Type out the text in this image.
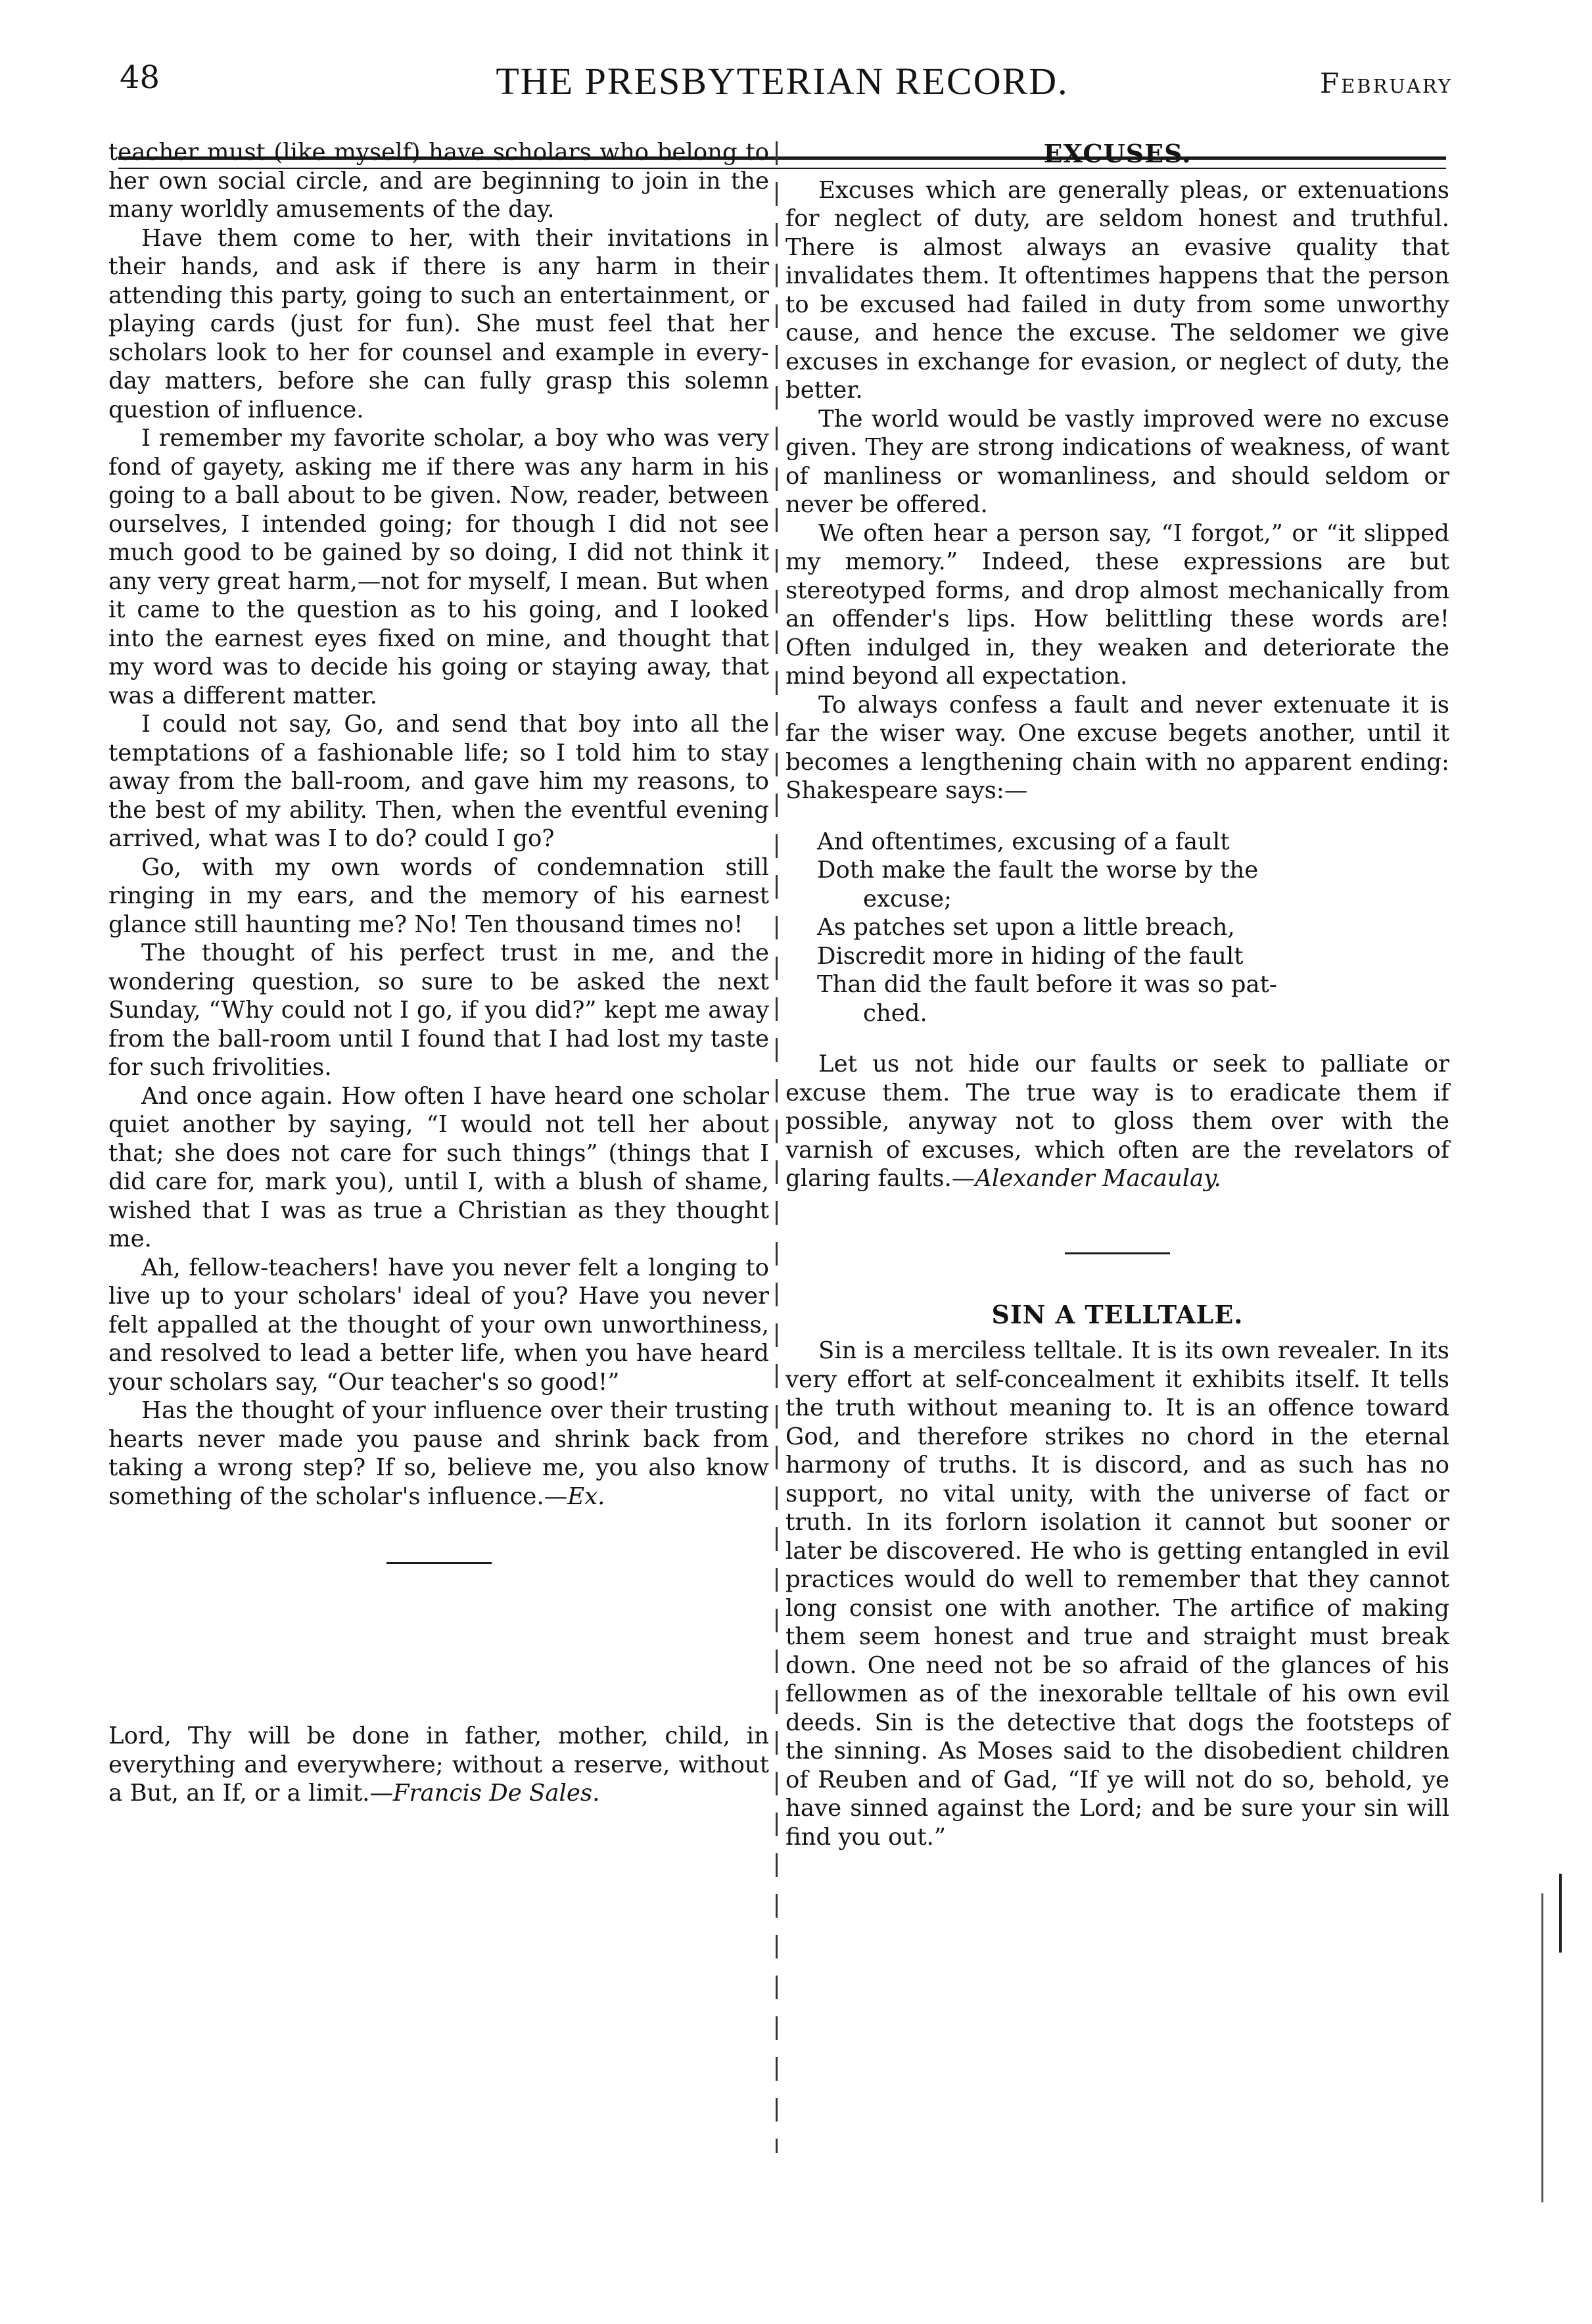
48	THE PRESBYTERIAN RECORD.	February

teacher must (like myself) have scholars who belong to her own social circle, and are beginning to join in the many worldly amusements of the day.

Have them come to her, with their invitations in their hands, and ask if there is any harm in their attending this party, going to such an entertainment, or playing cards (just for fun). She must feel that her scholars look to her for counsel and example in every-day matters, before she can fully grasp this solemn question of influence.

I remember my favorite scholar, a boy who was very fond of gayety, asking me if there was any harm in his going to a ball about to be given. Now, reader, between ourselves, I intended going; for though I did not see much good to be gained by so doing, I did not think it any very great harm,—not for myself, I mean. But when it came to the question as to his going, and I looked into the earnest eyes fixed on mine, and thought that my word was to decide his going or staying away, that was a different matter.

I could not say, Go, and send that boy into all the temptations of a fashionable life; so I told him to stay away from the ball-room, and gave him my reasons, to the best of my ability. Then, when the eventful evening arrived, what was I to do? could I go?

Go, with my own words of condemnation still ringing in my ears, and the memory of his earnest glance still haunting me? No! Ten thousand times no!

The thought of his perfect trust in me, and the wondering question, so sure to be asked the next Sunday, “Why could not I go, if you did?” kept me away from the ball-room until I found that I had lost my taste for such frivolities.

And once again. How often I have heard one scholar quiet another by saying, “I would not tell her about that; she does not care for such things” (things that I did care for, mark you), until I, with a blush of shame, wished that I was as true a Christian as they thought me.

Ah, fellow-teachers! have you never felt a longing to live up to your scholars' ideal of you? Have you never felt appalled at the thought of your own unworthiness, and resolved to lead a better life, when you have heard your scholars say, “Our teacher's so good!”

Has the thought of your influence over their trusting hearts never made you pause and shrink back from taking a wrong step? If so, believe me, you also know something of the scholar's influence.—Ex.

Lord, Thy will be done in father, mother, child, in everything and everywhere; without a reserve, without a But, an If, or a limit.—Francis De Sales.

EXCUSES.

Excuses which are generally pleas, or extenuations for neglect of duty, are seldom honest and truthful. There is almost always an evasive quality that invalidates them. It oftentimes happens that the person to be excused had failed in duty from some unworthy cause, and hence the excuse. The seldomer we give excuses in exchange for evasion, or neglect of duty, the better.

The world would be vastly improved were no excuse given. They are strong indications of weakness, of want of manliness or womanliness, and should seldom or never be offered.

We often hear a person say, “I forgot,” or “it slipped my memory.” Indeed, these expressions are but stereotyped forms, and drop almost mechanically from an offender's lips. How belittling these words are! Often indulged in, they weaken and deteriorate the mind beyond all expectation.

To always confess a fault and never extenuate it is far the wiser way. One excuse begets another, until it becomes a lengthening chain with no apparent ending: Shakespeare says:—

And oftentimes, excusing of a fault
Doth make the fault the worse by the
excuse;
As patches set upon a little breach,
Discredit more in hiding of the fault
Than did the fault before it was so pat-
ched.

Let us not hide our faults or seek to palliate or excuse them. The true way is to eradicate them if possible, anyway not to gloss them over with the varnish of excuses, which often are the revelators of glaring faults.—Alexander Macaulay.

SIN A TELLTALE.

Sin is a merciless telltale. It is its own revealer. In its very effort at self-concealment it exhibits itself. It tells the truth without meaning to. It is an offence toward God, and therefore strikes no chord in the eternal harmony of truths. It is discord, and as such has no support, no vital unity, with the universe of fact or truth. In its forlorn isolation it cannot but sooner or later be discovered. He who is getting entangled in evil practices would do well to remember that they cannot long consist one with another. The artifice of making them seem honest and true and straight must break down. One need not be so afraid of the glances of his fellowmen as of the inexorable telltale of his own evil deeds. Sin is the detective that dogs the footsteps of the sinning. As Moses said to the disobedient children of Reuben and of Gad, “If ye will not do so, behold, ye have sinned against the Lord; and be sure your sin will find you out.”
